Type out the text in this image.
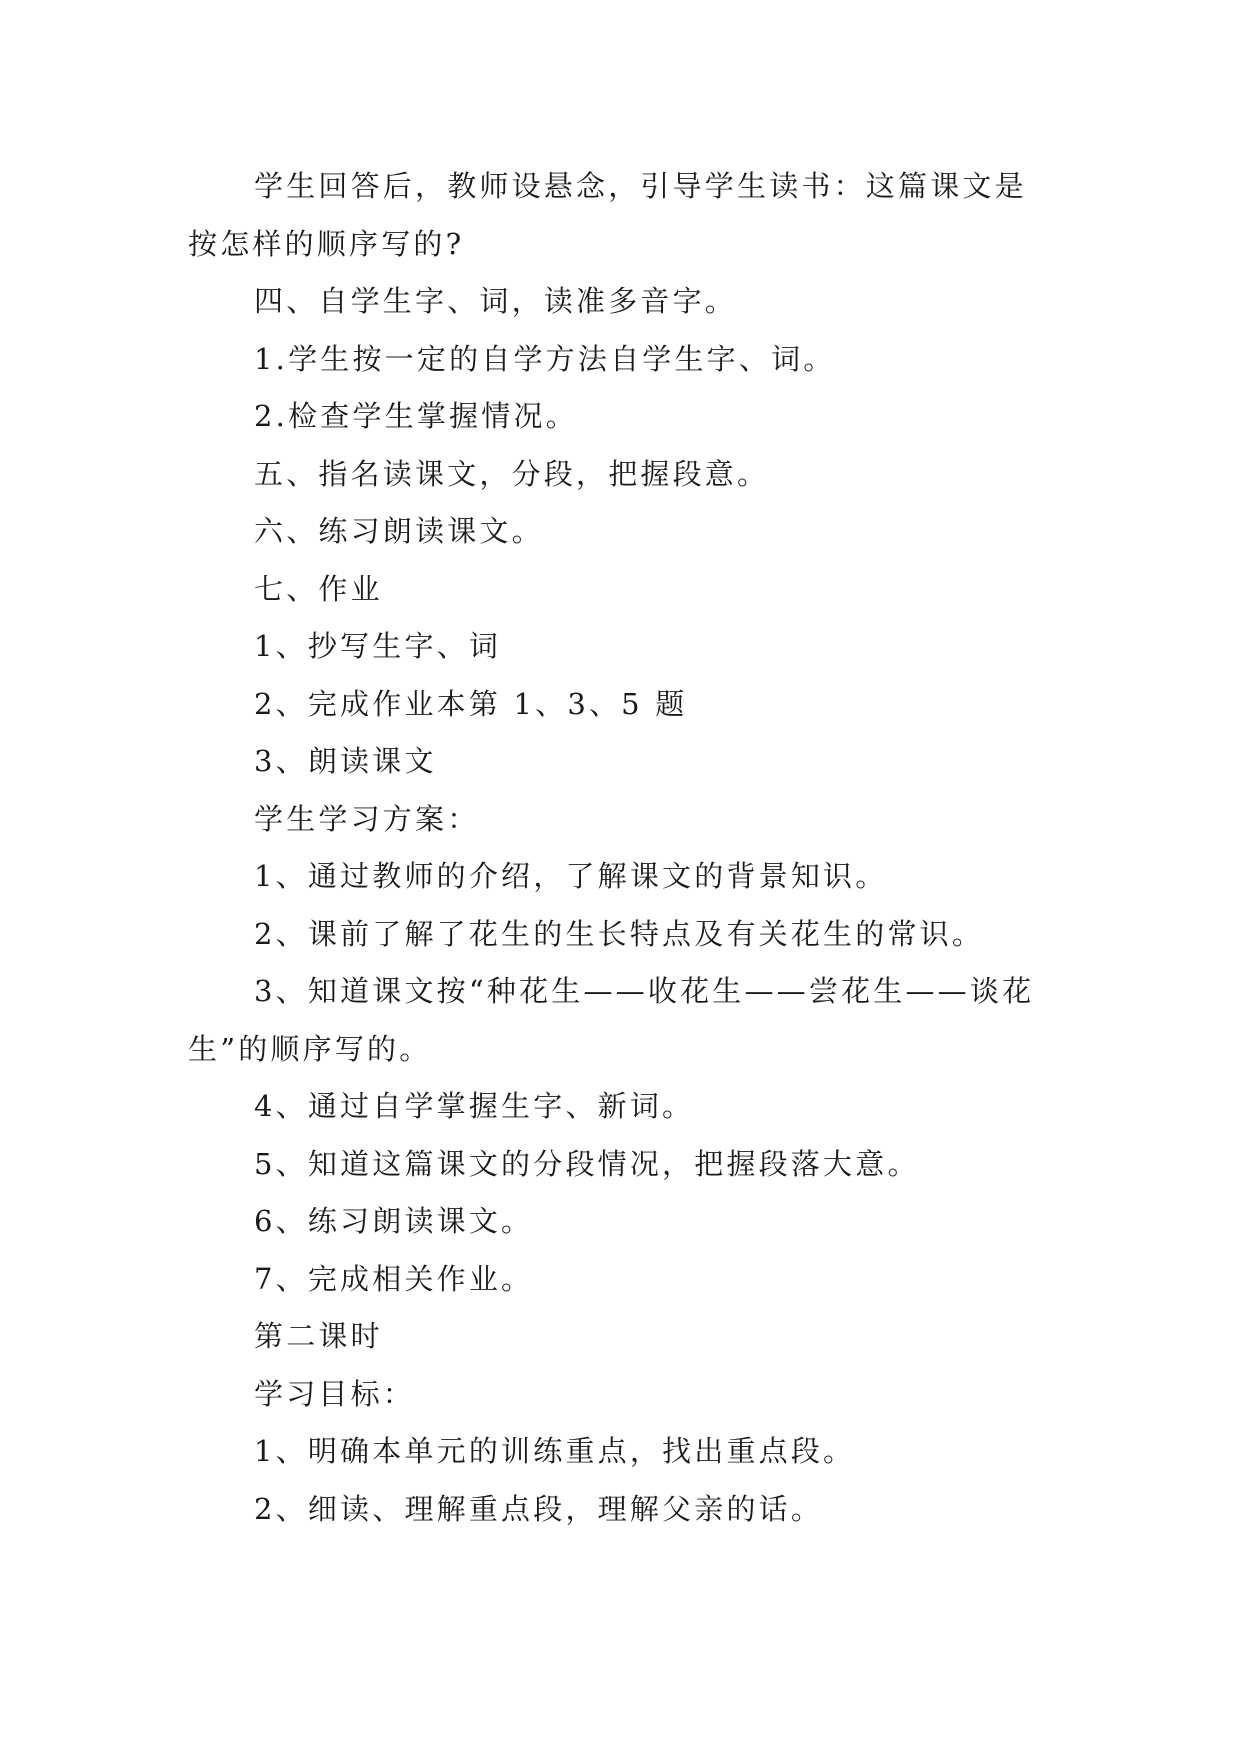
学生回答后，教师设悬念，引导学生读书：这篇课文是按怎样的顺序写的?

四、自学生字、词，读准多音字。

1.学生按一定的自学方法自学生字、词。

2.检查学生掌握情况。

五、指名读课文，分段，把握段意。

六、练习朗读课文。

七、作业

1、抄写生字、词

2、完成作业本第 1、3、5 题

3、朗读课文

学生学习方案：

1、通过教师的介绍，了解课文的背景知识。

2、课前了解了花生的生长特点及有关花生的常识。

3、知道课文按“种花生——收花生——尝花生——谈花生”的顺序写的。

4、通过自学掌握生字、新词。

5、知道这篇课文的分段情况，把握段落大意。

6、练习朗读课文。

7、完成相关作业。

第二课时

学习目标：

1、明确本单元的训练重点，找出重点段。

2、细读、理解重点段，理解父亲的话。
